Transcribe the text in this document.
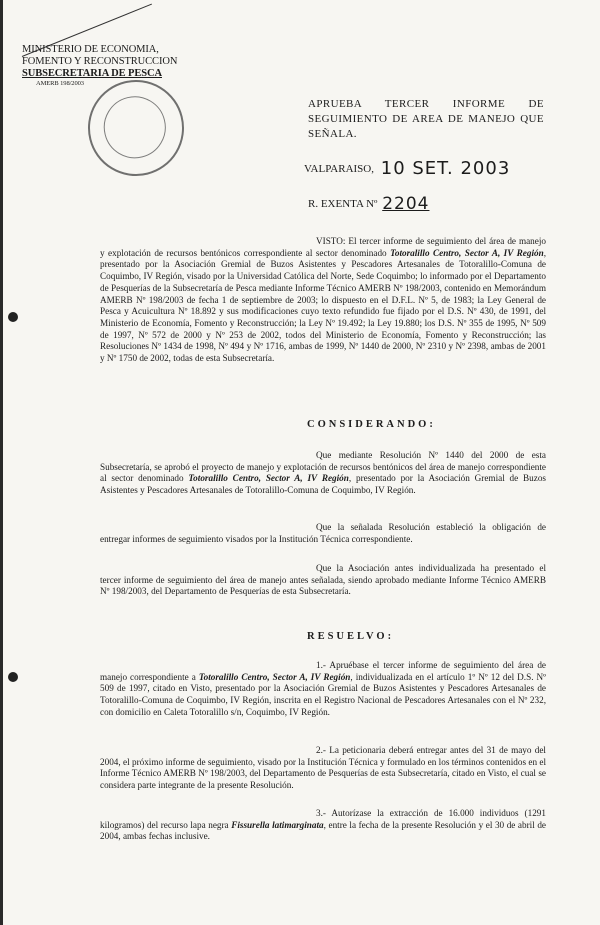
MINISTERIO DE ECONOMIA,
FOMENTO Y RECONSTRUCCION
SUBSECRETARIA DE PESCA
AMERB 198/2003
APRUEBA TERCER INFORME DE
SEGUIMIENTO DE AREA DE MANEJO QUE
SEÑALA.
VALPARAISO, 10 SET. 2003
R. EXENTA Nº 2204
VISTO: El tercer informe de seguimiento del área de manejo y explotación de recursos bentónicos correspondiente al sector denominado Totoralillo Centro, Sector A, IV Región, presentado por la Asociación Gremial de Buzos Asistentes y Pescadores Artesanales de Totoralillo-Comuna de Coquimbo, IV Región, visado por la Universidad Católica del Norte, Sede Coquimbo; lo informado por el Departamento de Pesquerías de la Subsecretaría de Pesca mediante Informe Técnico AMERB Nº 198/2003, contenido en Memorándum AMERB Nº 198/2003 de fecha 1 de septiembre de 2003; lo dispuesto en el D.F.L. Nº 5, de 1983; la Ley General de Pesca y Acuicultura Nº 18.892 y sus modificaciones cuyo texto refundido fue fijado por el D.S. Nº 430, de 1991, del Ministerio de Economía, Fomento y Reconstrucción; la Ley Nº 19.492; la Ley 19.880; los D.S. Nº 355 de 1995, Nº 509 de 1997, Nº 572 de 2000 y Nº 253 de 2002, todos del Ministerio de Economía, Fomento y Reconstrucción; las Resoluciones Nº 1434 de 1998, Nº 494 y Nº 1716, ambas de 1999, Nº 1440 de 2000, Nº 2310 y Nº 2398, ambas de 2001 y Nº 1750 de 2002, todas de esta Subsecretaría.
CONSIDERANDO:
Que mediante Resolución Nº 1440 del 2000 de esta Subsecretaría, se aprobó el proyecto de manejo y explotación de recursos bentónicos del área de manejo correspondiente al sector denominado Totoralillo Centro, Sector A, IV Región, presentado por la Asociación Gremial de Buzos Asistentes y Pescadores Artesanales de Totoralillo-Comuna de Coquimbo, IV Región.
Que la señalada Resolución estableció la obligación de entregar informes de seguimiento visados por la Institución Técnica correspondiente.
Que la Asociación antes individualizada ha presentado el tercer informe de seguimiento del área de manejo antes señalada, siendo aprobado mediante Informe Técnico AMERB Nº 198/2003, del Departamento de Pesquerías de esta Subsecretaría.
RESUELVO:
1.- Apruébase el tercer informe de seguimiento del área de manejo correspondiente a Totoralillo Centro, Sector A, IV Región, individualizada en el artículo 1º Nº 12 del D.S. Nº 509 de 1997, citado en Visto, presentado por la Asociación Gremial de Buzos Asistentes y Pescadores Artesanales de Totoralillo-Comuna de Coquimbo, IV Región, inscrita en el Registro Nacional de Pescadores Artesanales con el Nº 232, con domicilio en Caleta Totoralillo s/n, Coquimbo, IV Región.
2.- La peticionaria deberá entregar antes del 31 de mayo del 2004, el próximo informe de seguimiento, visado por la Institución Técnica y formulado en los términos contenidos en el Informe Técnico AMERB Nº 198/2003, del Departamento de Pesquerías de esta Subsecretaría, citado en Visto, el cual se considera parte integrante de la presente Resolución.
3.- Autorízase la extracción de 16.000 individuos (1291 kilogramos) del recurso lapa negra Fissurella latimarginata, entre la fecha de la presente Resolución y el 30 de abril de 2004, ambas fechas inclusive.
